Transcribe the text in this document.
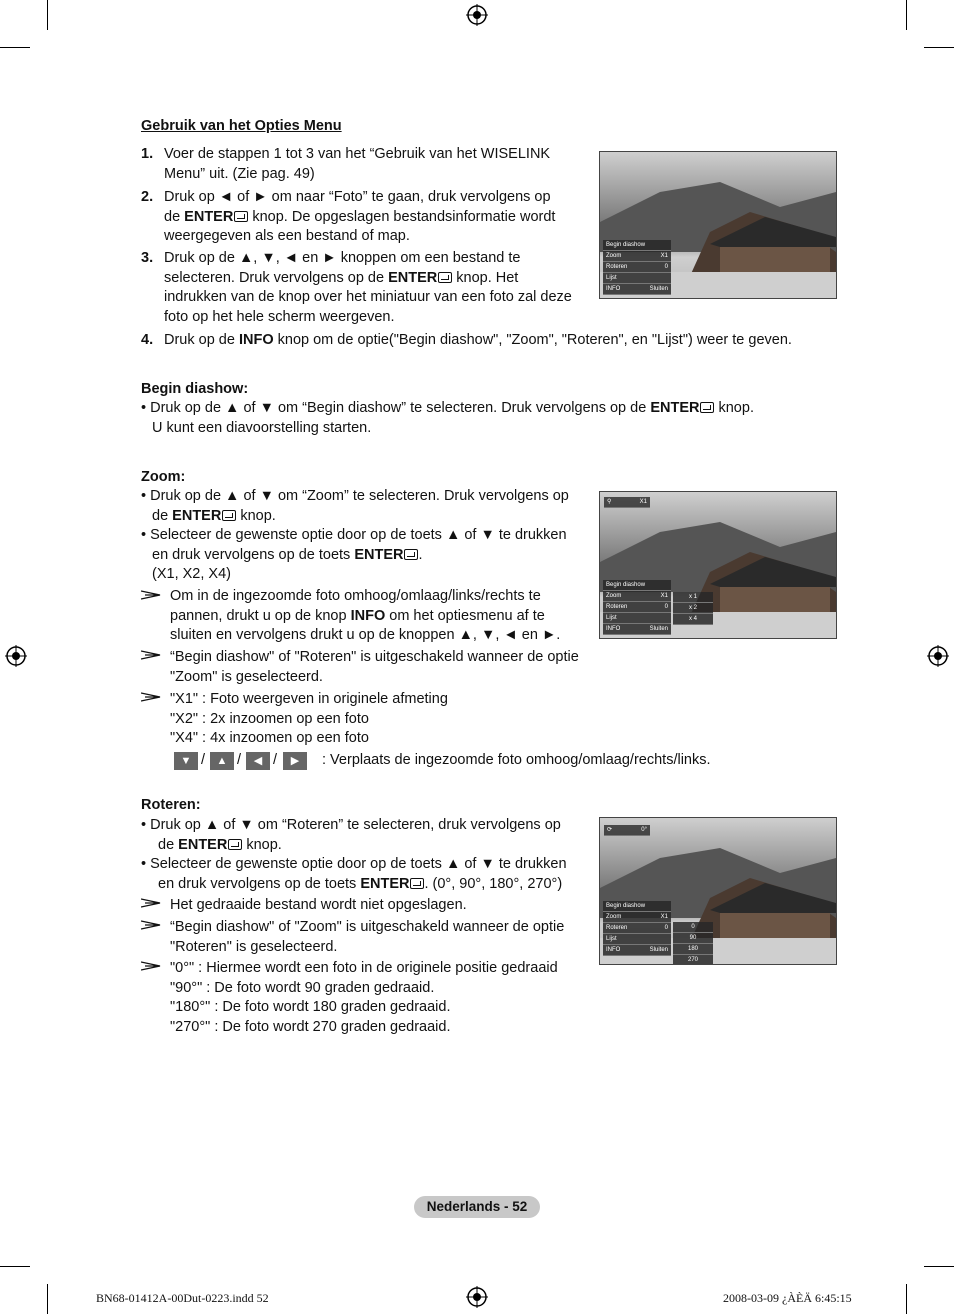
Gebruik van het Opties Menu
1. Voer de stappen 1 tot 3 van het “Gebruik van het WISELINK
Menu” uit. (Zie pag. 49)
2. Druk op ◄ of ► om naar “Foto” te gaan, druk vervolgens op
de ENTER knop. De opgeslagen bestandsinformatie wordt
weergegeven als een bestand of map.
3. Druk op de ▲, ▼, ◄ en ► knoppen om een bestand te
selecteren. Druk vervolgens op de ENTER knop. Het
indrukken van de knop over het miniatuur van een foto zal deze
foto op het hele scherm weergeven.
4. Druk op de INFO knop om de optie("Begin diashow", "Zoom", "Roteren", en "Lijst") weer te geven.
Begin diashow
Zoom	X1
Roteren	0
Lijst
INFO	Sluiten
Begin diashow:
• Druk op de ▲ of ▼ om “Begin diashow” te selecteren. Druk vervolgens op de ENTER knop.
U kunt een diavoorstelling starten.
Zoom:
• Druk op de ▲ of ▼ om “Zoom” te selecteren. Druk vervolgens op
de ENTER knop.
• Selecteer de gewenste optie door op de toets ▲ of ▼ te drukken
en druk vervolgens op de toets ENTER .
(X1, X2, X4)
Om in de ingezoomde foto omhoog/omlaag/links/rechts te
pannen, drukt u op de knop INFO om het optiesmenu af te
sluiten en vervolgens drukt u op de knoppen ▲, ▼, ◄ en ►.
“Begin diashow" of "Roteren" is uitgeschakeld wanneer de optie
"Zoom" is geselecteerd.
"X1" : Foto weergeven in originele afmeting
"X2" : 2x inzoomen op een foto
"X4" : 4x inzoomen op een foto
▼ /	▲ /	◀ /	▶	: Verplaats de ingezoomde foto omhoog/omlaag/rechts/links.
⚲	X1
Begin diashow
Zoom	X1
Roteren	0
Lijst
INFO	Sluiten
x 1
x 2
x 4
Roteren:
• Druk op ▲ of ▼ om “Roteren” te selecteren, druk vervolgens op
de ENTER knop.
• Selecteer de gewenste optie door op de toets ▲ of ▼ te drukken
en druk vervolgens op de toets ENTER . (0°, 90°, 180°, 270°)
Het gedraaide bestand wordt niet opgeslagen.
“Begin diashow" of "Zoom" is uitgeschakeld wanneer de optie
"Roteren" is geselecteerd.
"0°" : Hiermee wordt een foto in de originele positie gedraaid
"90°" : De foto wordt 90 graden gedraaid.
"180°" : De foto wordt 180 graden gedraaid.
"270°" : De foto wordt 270 graden gedraaid.
⟳	0°
Begin diashow
Zoom	X1
Roteren	0
Lijst
INFO	Sluiten
0
90
180
270
Nederlands - 52
BN68-01412A-00Dut-0223.indd 52	2008-03-09 ¿ÀÈÄ 6:45:15
